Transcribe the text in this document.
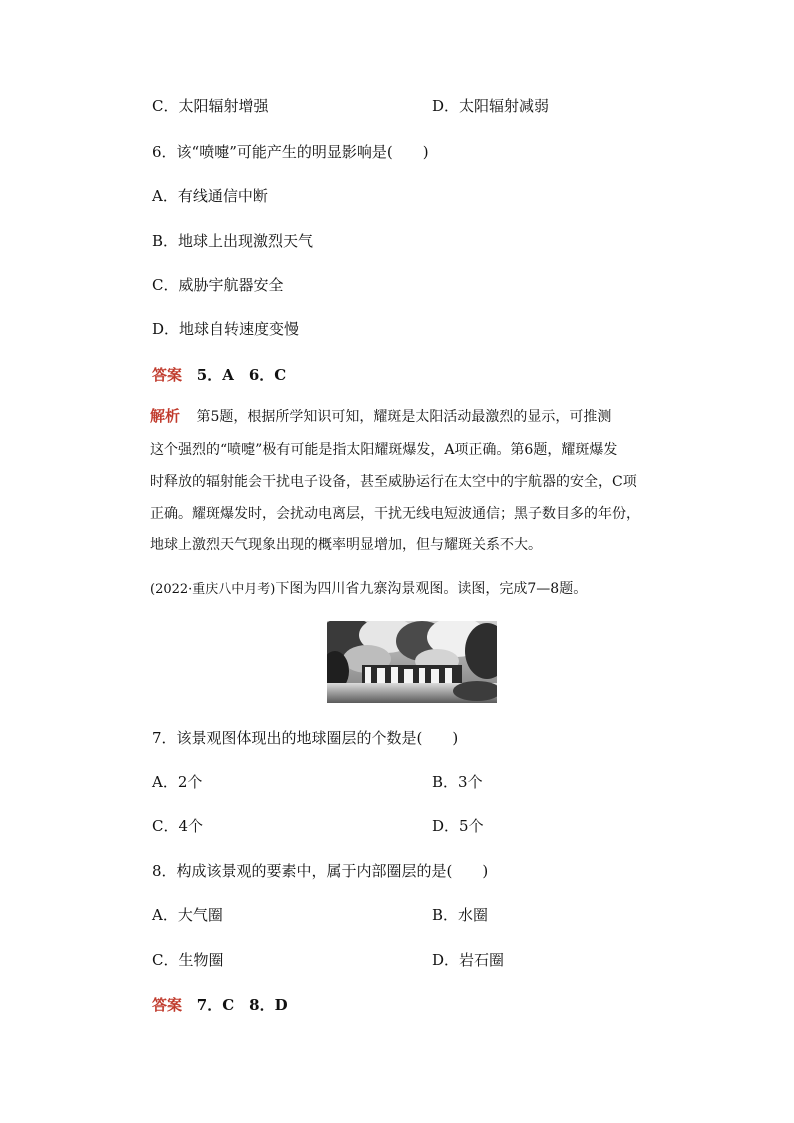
C．太阳辐射增强	D．太阳辐射减弱
6．该“喷嚏”可能产生的明显影响是(　　)
A．有线通信中断
B．地球上出现激烈天气
C．威胁宇航器安全
D．地球自转速度变慢
答案 5．A　6．C
解析 第5题，根据所学知识可知，耀斑是太阳活动最激烈的显示，可推测
这个强烈的“喷嚏”极有可能是指太阳耀斑爆发，A项正确。第6题，耀斑爆发
时释放的辐射能会干扰电子设备，甚至威胁运行在太空中的宇航器的安全，C项
正确。耀斑爆发时，会扰动电离层，干扰无线电短波通信；黑子数目多的年份，
地球上激烈天气现象出现的概率明显增加，但与耀斑关系不大。
(2022·重庆八中月考)下图为四川省九寨沟景观图。读图，完成7—8题。
7．该景观图体现出的地球圈层的个数是(　　)
A．2个	B．3个
C．4个	D．5个
8．构成该景观的要素中，属于内部圈层的是(　　)
A．大气圈	B．水圈
C．生物圈	D．岩石圈
答案 7．C　8．D
